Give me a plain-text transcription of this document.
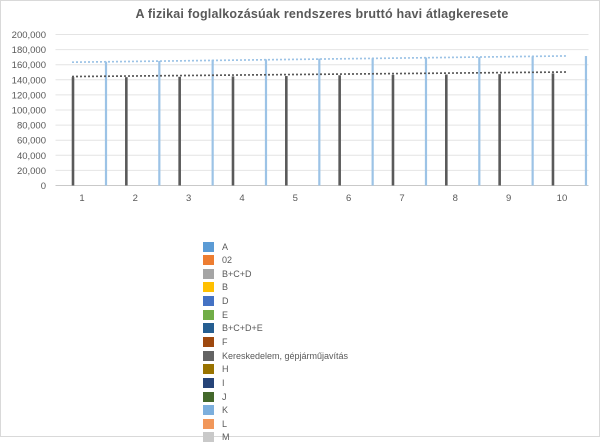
A fizikai foglalkozásúak rendszeres bruttó havi átlagkeresete
0
20,000
40,000
60,000
80,000
100,000
120,000
140,000
160,000
180,000
200,000
1	2	3	4	5	6	7	8	9	10
A
02
B+C+D
B
D
E
B+C+D+E
F
Kereskedelem, gépjárműjavítás
H
I
J
K
L
M
